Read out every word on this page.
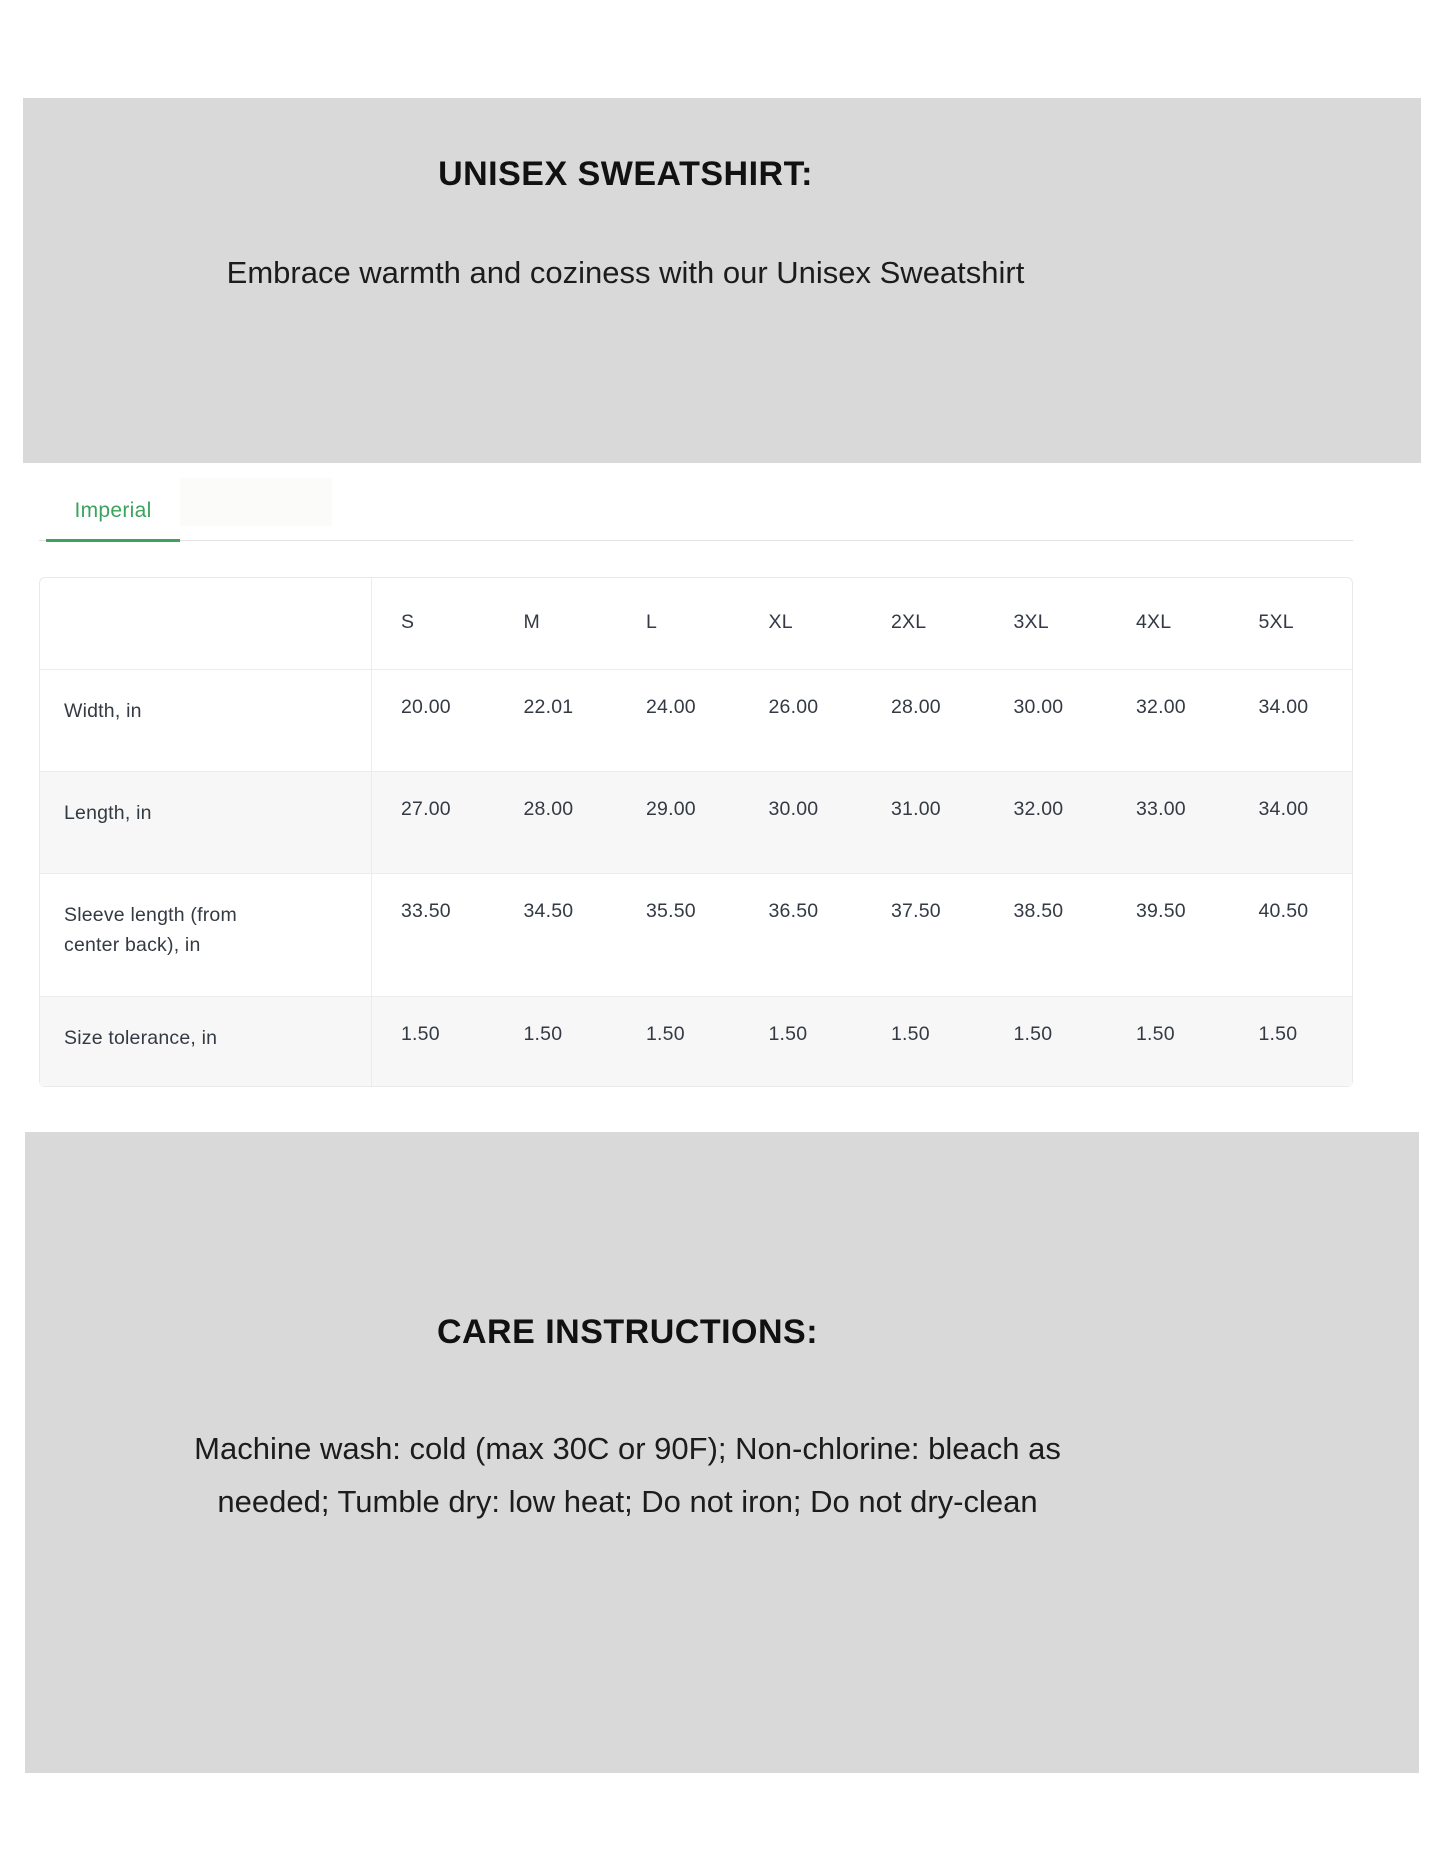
UNISEX SWEATSHIRT:
Embrace warmth and coziness with our Unisex Sweatshirt
Imperial
	S	M	L	XL	2XL	3XL	4XL	5XL
Width, in	20.00	22.01	24.00	26.00	28.00	30.00	32.00	34.00
Length, in	27.00	28.00	29.00	30.00	31.00	32.00	33.00	34.00
Sleeve length (from center back), in	33.50	34.50	35.50	36.50	37.50	38.50	39.50	40.50
Size tolerance, in	1.50	1.50	1.50	1.50	1.50	1.50	1.50	1.50
CARE INSTRUCTIONS:
Machine wash: cold (max 30C or 90F); Non-chlorine: bleach as
needed; Tumble dry: low heat; Do not iron; Do not dry-clean
